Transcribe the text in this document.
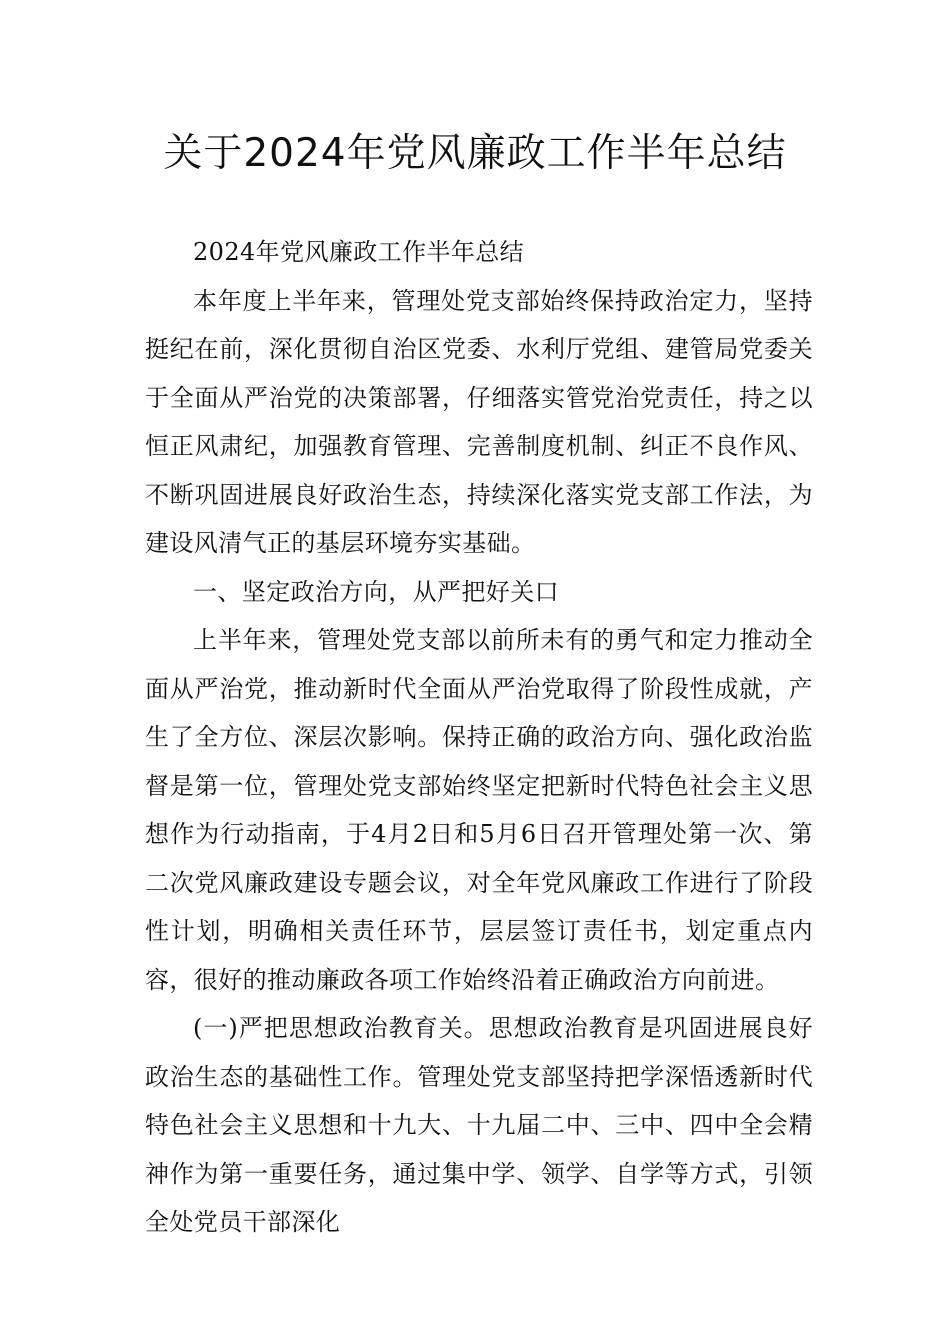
关于2024年党风廉政工作半年总结

2024年党风廉政工作半年总结

本年度上半年来，管理处党支部始终保持政治定力，坚持挺纪在前，深化贯彻自治区党委、水利厅党组、建管局党委关于全面从严治党的决策部署，仔细落实管党治党责任，持之以恒正风肃纪，加强教育管理、完善制度机制、纠正不良作风、不断巩固进展良好政治生态，持续深化落实党支部工作法，为建设风清气正的基层环境夯实基础。

一、坚定政治方向，从严把好关口

上半年来，管理处党支部以前所未有的勇气和定力推动全面从严治党，推动新时代全面从严治党取得了阶段性成就，产生了全方位、深层次影响。保持正确的政治方向、强化政治监督是第一位，管理处党支部始终坚定把新时代特色社会主义思想作为行动指南，于4月2日和5月6日召开管理处第一次、第二次党风廉政建设专题会议，对全年党风廉政工作进行了阶段性计划，明确相关责任环节，层层签订责任书，划定重点内容，很好的推动廉政各项工作始终沿着正确政治方向前进。

(一)严把思想政治教育关。思想政治教育是巩固进展良好政治生态的基础性工作。管理处党支部坚持把学深悟透新时代特色社会主义思想和十九大、十九届二中、三中、四中全会精神作为第一重要任务，通过集中学、领学、自学等方式，引领全处党员干部深化
